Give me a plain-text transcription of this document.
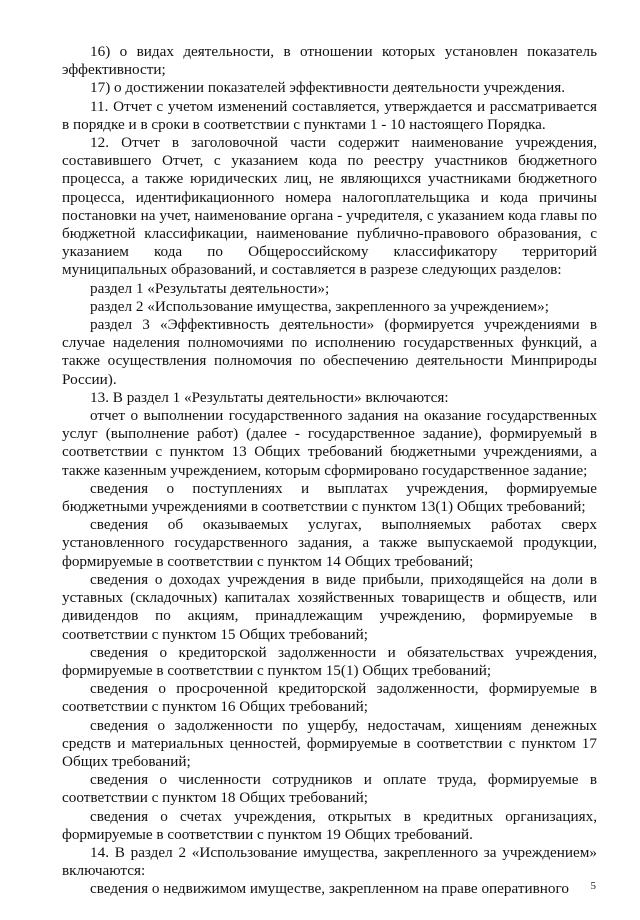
16) о видах деятельности, в отношении которых установлен показатель эффективности;

17) о достижении показателей эффективности деятельности учреждения.

11. Отчет с учетом изменений составляется, утверждается и рассматривается в порядке и в сроки в соответствии с пунктами 1 - 10 настоящего Порядка.

12. Отчет в заголовочной части содержит наименование учреждения, составившего Отчет, с указанием кода по реестру участников бюджетного процесса, а также юридических лиц, не являющихся участниками бюджетного процесса, идентификационного номера налогоплательщика и кода причины постановки на учет, наименование органа - учредителя, с указанием кода главы по бюджетной классификации, наименование публично-правового образования, с указанием кода по Общероссийскому классификатору территорий муниципальных образований, и составляется в разрезе следующих разделов:

раздел 1 «Результаты деятельности»;

раздел 2 «Использование имущества, закрепленного за учреждением»;

раздел 3 «Эффективность деятельности» (формируется учреждениями в случае наделения полномочиями по исполнению государственных функций, а также осуществления полномочия по обеспечению деятельности Минприроды России).

13. В раздел 1 «Результаты деятельности» включаются:

отчет о выполнении государственного задания на оказание государственных услуг (выполнение работ) (далее - государственное задание), формируемый в соответствии с пунктом 13 Общих требований бюджетными учреждениями, а также казенным учреждением, которым сформировано государственное задание;

сведения о поступлениях и выплатах учреждения, формируемые бюджетными учреждениями в соответствии с пунктом 13(1) Общих требований;

сведения об оказываемых услугах, выполняемых работах сверх установленного государственного задания, а также выпускаемой продукции, формируемые в соответствии с пунктом 14 Общих требований;

сведения о доходах учреждения в виде прибыли, приходящейся на доли в уставных (складочных) капиталах хозяйственных товариществ и обществ, или дивидендов по акциям, принадлежащим учреждению, формируемые в соответствии с пунктом 15 Общих требований;

сведения о кредиторской задолженности и обязательствах учреждения, формируемые в соответствии с пунктом 15(1) Общих требований;

сведения о просроченной кредиторской задолженности, формируемые в соответствии с пунктом 16 Общих требований;

сведения о задолженности по ущербу, недостачам, хищениям денежных средств и материальных ценностей, формируемые в соответствии с пунктом 17 Общих требований;

сведения о численности сотрудников и оплате труда, формируемые в соответствии с пунктом 18 Общих требований;

сведения о счетах учреждения, открытых в кредитных организациях, формируемые в соответствии с пунктом 19 Общих требований.

14. В раздел 2 «Использование имущества, закрепленного за учреждением» включаются:

сведения о недвижимом имуществе, закрепленном на праве оперативного	5
